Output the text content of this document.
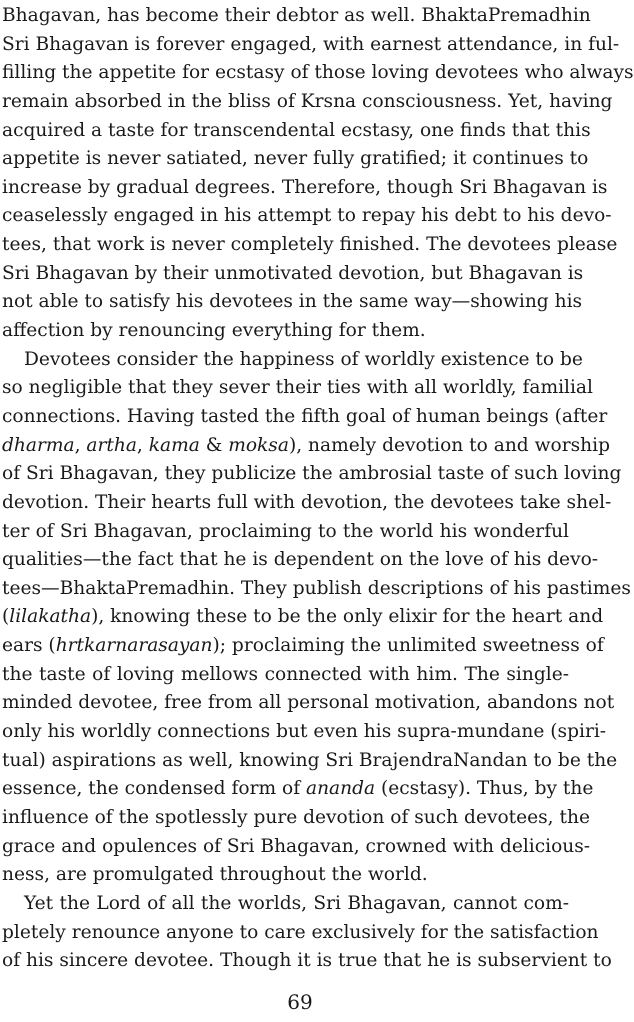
Bhagavan, has become their debtor as well. BhaktaPremadhin
Sri Bhagavan is forever engaged, with earnest attendance, in ful-
filling the appetite for ecstasy of those loving devotees who always
remain absorbed in the bliss of Krsna consciousness. Yet, having
acquired a taste for transcendental ecstasy, one finds that this
appetite is never satiated, never fully gratified; it continues to
increase by gradual degrees. Therefore, though Sri Bhagavan is
ceaselessly engaged in his attempt to repay his debt to his devo-
tees, that work is never completely finished. The devotees please
Sri Bhagavan by their unmotivated devotion, but Bhagavan is
not able to satisfy his devotees in the same way—showing his
affection by renouncing everything for them.
Devotees consider the happiness of worldly existence to be
so negligible that they sever their ties with all worldly, familial
connections. Having tasted the fifth goal of human beings (after
dharma, artha, kama & moksa), namely devotion to and worship
of Sri Bhagavan, they publicize the ambrosial taste of such loving
devotion. Their hearts full with devotion, the devotees take shel-
ter of Sri Bhagavan, proclaiming to the world his wonderful
qualities—the fact that he is dependent on the love of his devo-
tees—BhaktaPremadhin. They publish descriptions of his pastimes
(lilakatha), knowing these to be the only elixir for the heart and
ears (hrtkarnarasayan); proclaiming the unlimited sweetness of
the taste of loving mellows connected with him. The single-
minded devotee, free from all personal motivation, abandons not
only his worldly connections but even his supra-mundane (spiri-
tual) aspirations as well, knowing Sri BrajendraNandan to be the
essence, the condensed form of ananda (ecstasy). Thus, by the
influence of the spotlessly pure devotion of such devotees, the
grace and opulences of Sri Bhagavan, crowned with delicious-
ness, are promulgated throughout the world.
Yet the Lord of all the worlds, Sri Bhagavan, cannot com-
pletely renounce anyone to care exclusively for the satisfaction
of his sincere devotee. Though it is true that he is subservient to
69
